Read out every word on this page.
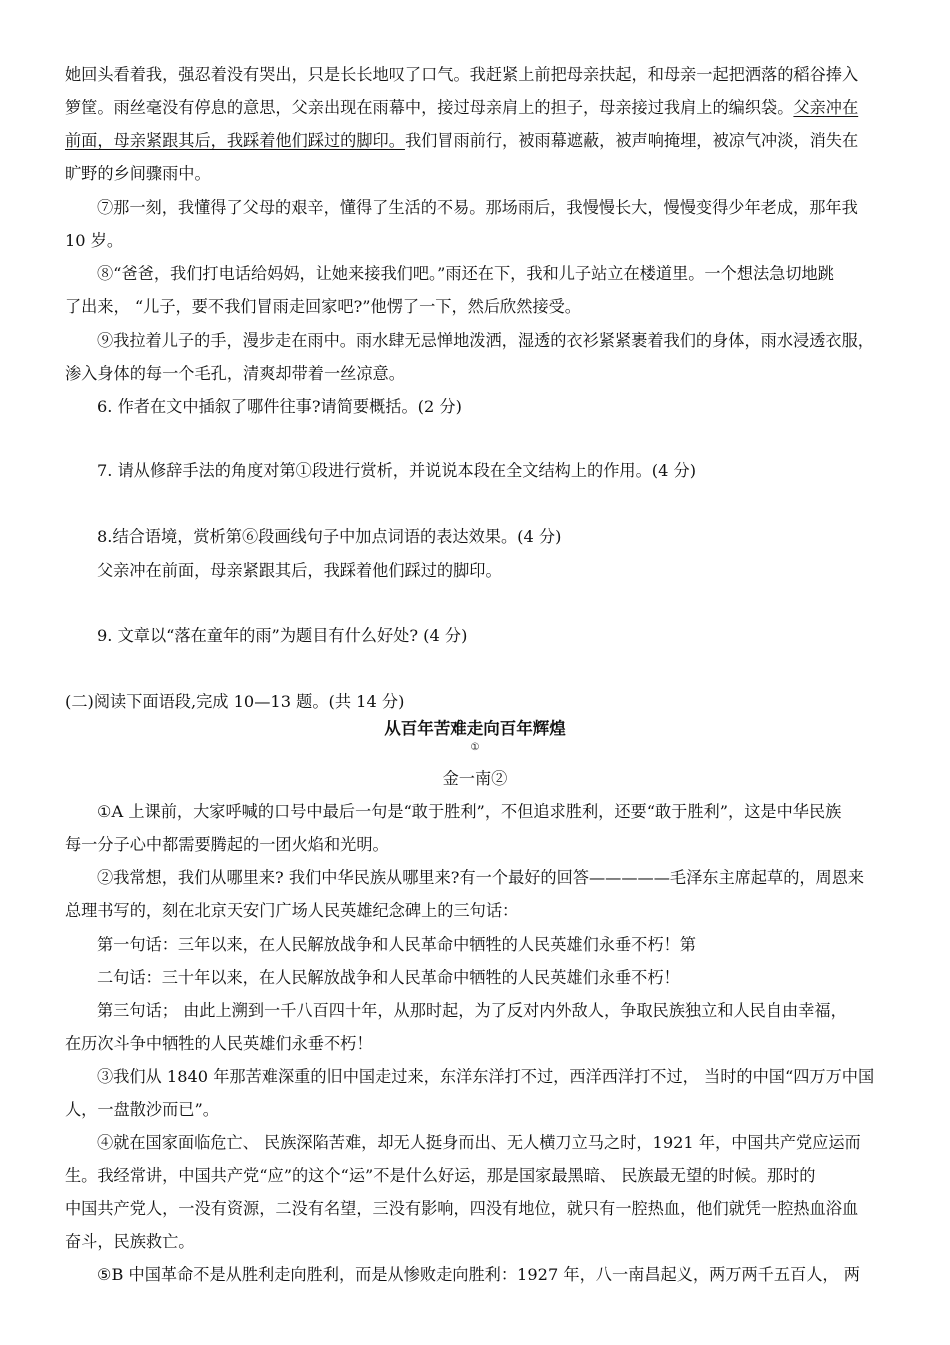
她回头看着我，强忍着没有哭出，只是长长地叹了口气。我赶紧上前把母亲扶起，和母亲一起把洒落的稻谷捧入
箩筐。雨丝毫没有停息的意思，父亲出现在雨幕中，接过母亲肩上的担子，母亲接过我肩上的编织袋。父亲冲在
前面，母亲紧跟其后，我踩着他们踩过的脚印。我们冒雨前行，被雨幕遮蔽，被声响掩埋，被凉气冲淡，消失在
旷野的乡间骤雨中。
⑦那一刻，我懂得了父母的艰辛，懂得了生活的不易。那场雨后，我慢慢长大，慢慢变得少年老成，那年我
10 岁。
⑧“爸爸，我们打电话给妈妈，让她来接我们吧。”雨还在下，我和儿子站立在楼道里。一个想法急切地跳
了出来， “儿子，要不我们冒雨走回家吧?”他愣了一下，然后欣然接受。
⑨我拉着儿子的手，漫步走在雨中。雨水肆无忌惮地泼洒，湿透的衣衫紧紧裹着我们的身体，雨水浸透衣服，
渗入身体的每一个毛孔，清爽却带着一丝凉意。
6. 作者在文中插叙了哪件往事?请简要概括。(2 分)
7. 请从修辞手法的角度对第①段进行赏析，并说说本段在全文结构上的作用。(4 分)
8.结合语境，赏析第⑥段画线句子中加点词语的表达效果。(4 分)
父亲冲在前面，母亲紧跟其后，我踩着他们踩过的脚印。
9. 文章以“落在童年的雨”为题目有什么好处? (4 分)
(二)阅读下面语段,完成 10—13 题。(共 14 分)
从百年苦难走向百年辉煌
①
金一南②
①A 上课前，大家呼喊的口号中最后一句是“敢于胜利”，不但追求胜利，还要“敢于胜利”，这是中华民族
每一分子心中都需要腾起的一团火焰和光明。
②我常想，我们从哪里来? 我们中华民族从哪里来?有一个最好的回答—————毛泽东主席起草的，周恩来
总理书写的，刻在北京天安门广场人民英雄纪念碑上的三句话：
第一句话：三年以来，在人民解放战争和人民革命中牺牲的人民英雄们永垂不朽！第
二句话：三十年以来，在人民解放战争和人民革命中牺牲的人民英雄们永垂不朽！
第三句话； 由此上溯到一千八百四十年，从那时起，为了反对内外敌人，争取民族独立和人民自由幸福，
在历次斗争中牺牲的人民英雄们永垂不朽！
③我们从 1840 年那苦难深重的旧中国走过来，东洋东洋打不过，西洋西洋打不过， 当时的中国“四万万中国
人，一盘散沙而已”。
④就在国家面临危亡、 民族深陷苦难，却无人挺身而出、无人横刀立马之时，1921 年，中国共产党应运而
生。我经常讲，中国共产党“应”的这个“运”不是什么好运，那是国家最黑暗、 民族最无望的时候。那时的
中国共产党人，一没有资源，二没有名望，三没有影响，四没有地位，就只有一腔热血，他们就凭一腔热血浴血
奋斗，民族救亡。
⑤B 中国革命不是从胜利走向胜利，而是从惨败走向胜利：1927 年，八一南昌起义，两万两千五百人， 两
